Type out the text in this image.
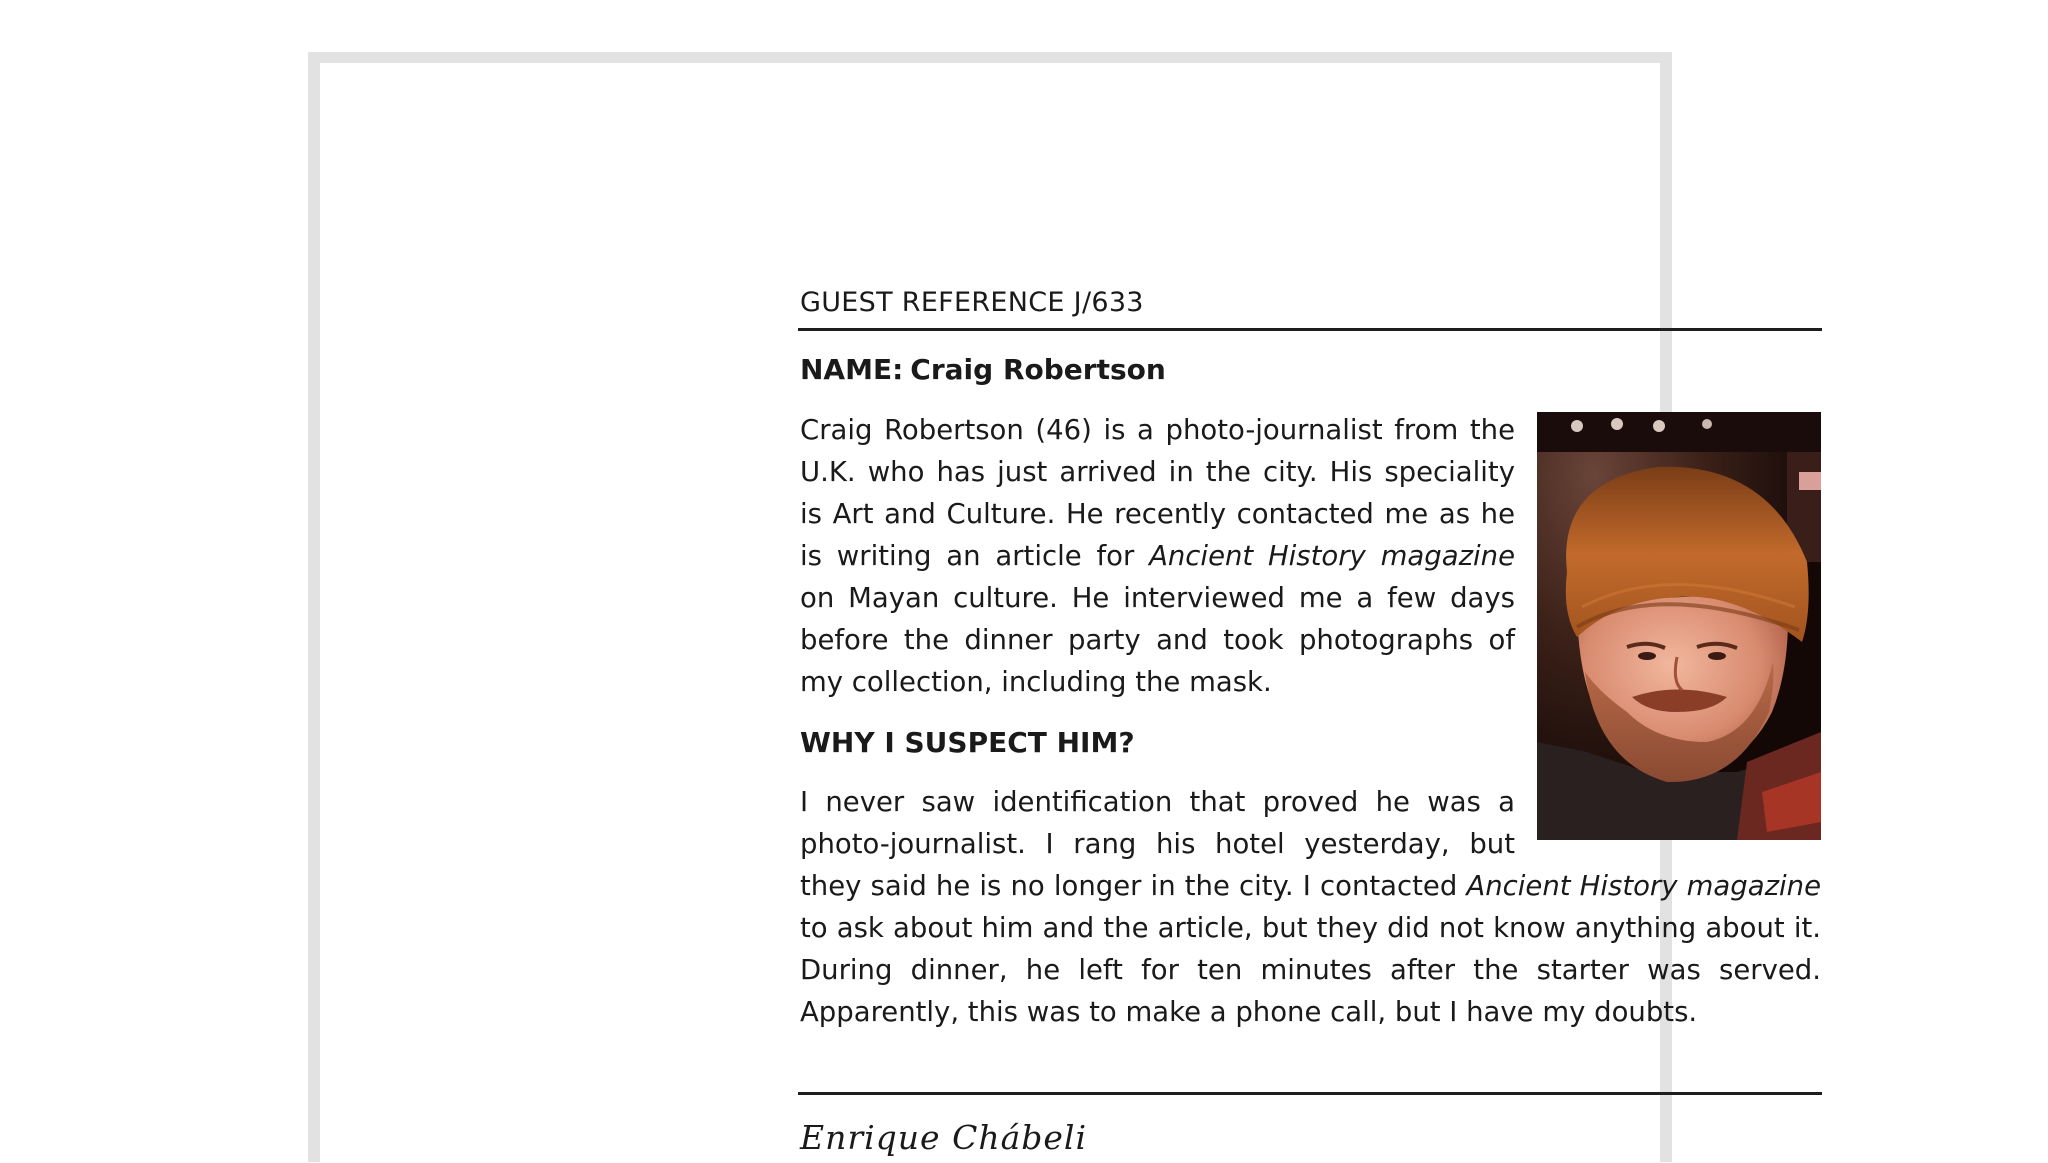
GUEST REFERENCE J/633
NAME: Craig Robertson

Craig Robertson (46) is a photo-journalist from the U.K. who has just arrived in the city. His speciality is Art and Culture. He recently contacted me as he is writing an article for Ancient History magazine on Mayan culture. He interviewed me a few days before the dinner party and took photographs of my collection, including the mask.

WHY I SUSPECT HIM?

I never saw identification that proved he was a photo-journalist. I rang his hotel yesterday, but they said he is no longer in the city. I contacted Ancient History magazine to ask about him and the article, but they did not know anything about it. During dinner, he left for ten minutes after the starter was served. Apparently, this was to make a phone call, but I have my doubts.

Enrique Chábeli
